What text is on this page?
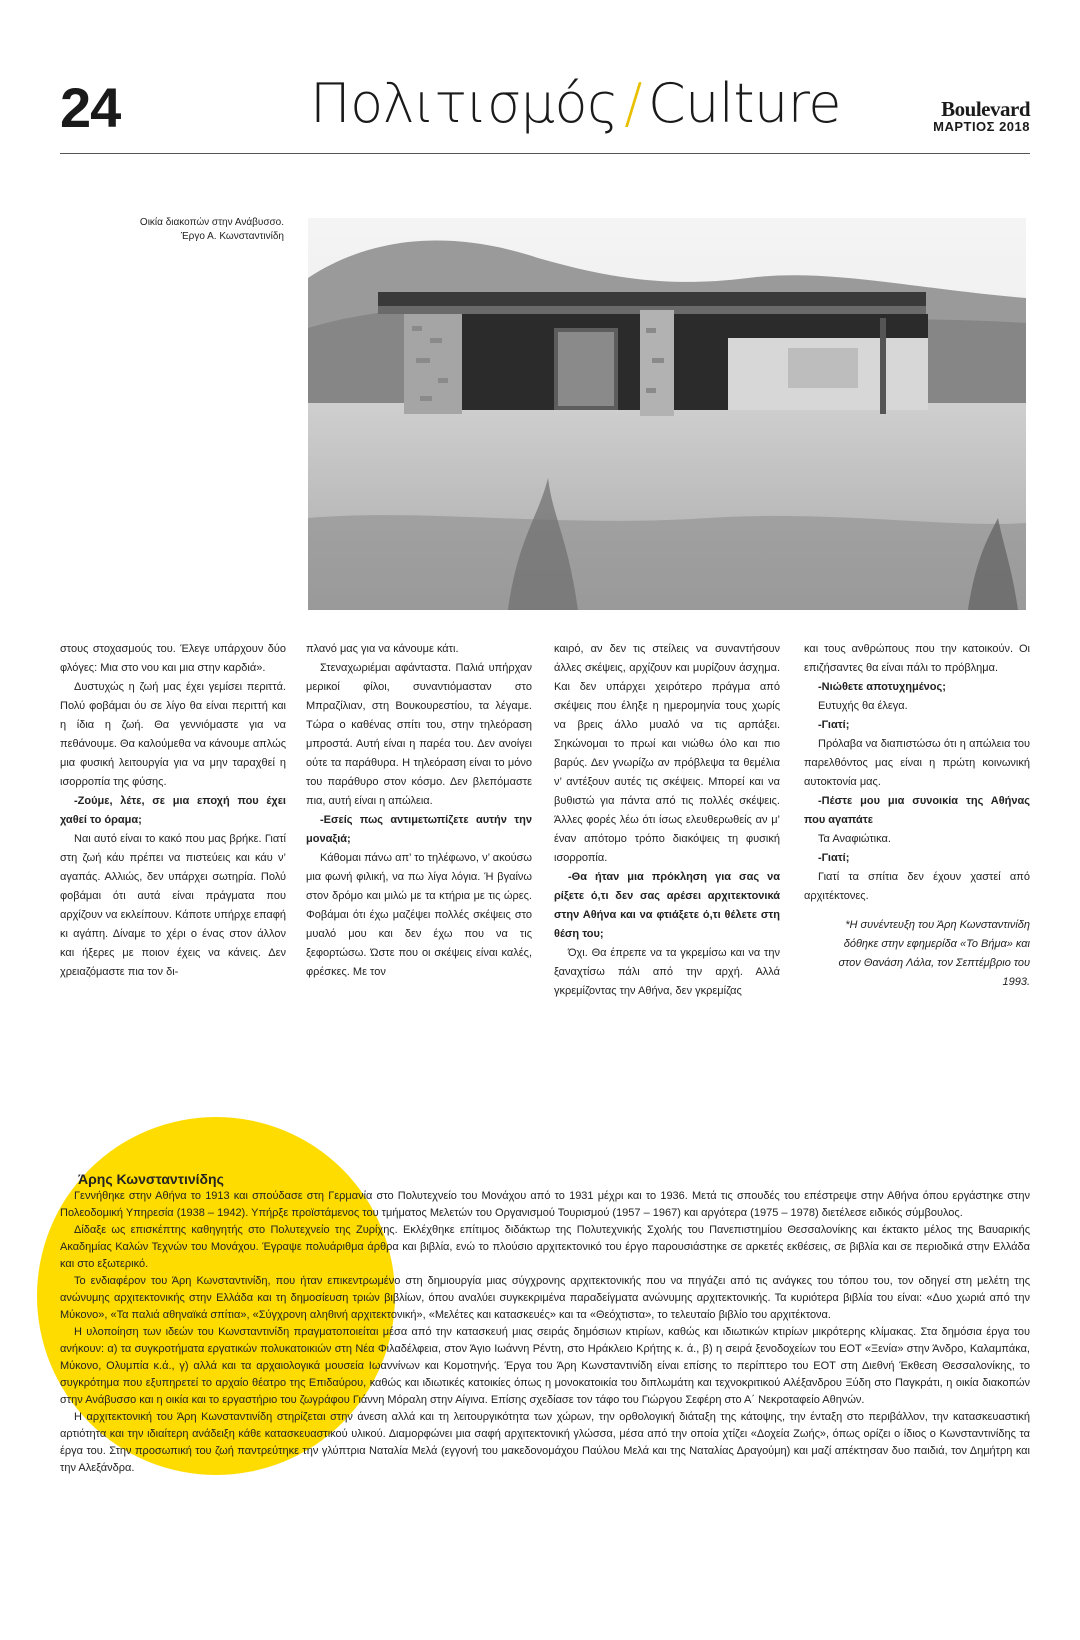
24	Πολιτισμός / Culture	Boulevard
ΜΑΡΤΙΟΣ 2018
Οικία διακοπών στην Ανάβυσσο.
Έργο Α. Κωνσταντινίδη

στους στοχασμούς του. Έλεγε υπάρχουν δύο φλόγες: Μια στο νου και μια στην καρδιά».

Δυστυχώς η ζωή μας έχει γεμίσει περιττά. Πολύ φοβάμαι όυ σε λίγο θα είναι περιττή και η ίδια η ζωή. Θα γεννιόμαστε για να πεθάνουμε. Θα καλούμεθα να κάνουμε απλώς μια φυσική λειτουργία για να μην ταραχθεί η ισορροπία της φύσης.

-Ζούμε, λέτε, σε μια εποχή που έχει χαθεί το όραμα;

Ναι αυτό είναι το κακό που μας βρήκε. Γιατί στη ζωή κάυ πρέπει να πιστεύεις και κάυ ν’ αγαπάς. Αλλιώς, δεν υπάρχει σωτηρία. Πολύ φοβάμαι ότι αυτά είναι πράγματα που αρχίζουν να εκλείπουν. Κάποτε υπήρχε επαφή κι αγάπη. Δίναμε το χέρι ο ένας στον άλλον και ήξερες με ποιον έχεις να κάνεις. Δεν χρειαζόμαστε πια τον δι-

πλανό μας για να κάνουμε κάτι.

Στεναχωριέμαι αφάνταστα. Παλιά υπήρχαν μερικοί φίλοι, συναντιόμασταν στο Μπραζίλιαν, στη Βουκουρεστίου, τα λέγαμε. Τώρα ο καθένας σπίτι του, στην τηλεόραση μπροστά. Αυτή είναι η παρέα του. Δεν ανοίγει ούτε τα παράθυρα. Η τηλεόραση είναι το μόνο του παράθυρο στον κόσμο. Δεν βλεπόμαστε πια, αυτή είναι η απώλεια.

-Εσείς πως αντιμετωπίζετε αυτήν την μοναξιά;

Κάθομαι πάνω απ’ το τηλέφωνο, ν’ ακούσω μια φωνή φιλική, να πω λίγα λόγια. Ή βγαίνω στον δρόμο και μιλώ με τα κτήρια με τις ώρες. Φοβάμαι ότι έχω μαζέψει πολλές σκέψεις στο μυαλό μου και δεν έχω που να τις ξεφορτώσω. Ώστε που οι σκέψεις είναι καλές, φρέσκες. Με τον

καιρό, αν δεν τις στείλεις να συναντήσουν άλλες σκέψεις, αρχίζουν και μυρίζουν άσχημα. Και δεν υπάρχει χειρότερο πράγμα από σκέψεις που έληξε η ημερομηνία τους χωρίς να βρεις άλλο μυαλό να τις αρπάξει. Σηκώνομαι το πρωί και νιώθω όλο και πιο βαρύς. Δεν γνωρίζω αν πρόβλεψα τα θεμέλια ν’ αντέξουν αυτές τις σκέψεις. Μπορεί και να βυθιστώ για πάντα από τις πολλές σκέψεις. Άλλες φορές λέω ότι ίσως ελευθερωθείς αν μ’ έναν απότομο τρόπο διακόψεις τη φυσική ισορροπία.

-Θα ήταν μια πρόκληση για σας να ρίξετε ό,τι δεν σας αρέσει αρχιτεκτονικά στην Αθήνα και να φτιάξετε ό,τι θέλετε στη θέση του;

Όχι. Θα έπρεπε να τα γκρεμίσω και να την ξαναχτίσω πάλι από την αρχή. Αλλά γκρεμίζοντας την Αθήνα, δεν γκρεμίζας

και τους ανθρώπους που την κατοικούν. Οι επιζήσαντες θα είναι πάλι το πρόβλημα.

-Νιώθετε αποτυχημένος;

Ευτυχής θα έλεγα.

-Γιατί;

Πρόλαβα να διαπιστώσω ότι η απώλεια του παρελθόντος μας είναι η πρώτη κοινωνική αυτοκτονία μας.

-Πέστε μου μια συνοικία της Αθήνας που αγαπάτε

Τα Αναφιώτικα.

-Γιατί;

Γιατί τα σπίτια δεν έχουν χαστεί από αρχιτέκτονες.

*Η συνέντευξη του Άρη Κωνσταντινίδη δόθηκε στην εφημερίδα «Το Βήμα» και στον Θανάση Λάλα, τον Σεπτέμβριο του 1993.

Άρης Κωνσταντινίδης

Γεννήθηκε στην Αθήνα το 1913 και σπούδασε στη Γερμανία στο Πολυτεχνείο του Μονάχου από το 1931 μέχρι και το 1936. Μετά τις σπουδές του επέστρεψε στην Αθήνα όπου εργάστηκε στην Πολεοδομική Υπηρεσία (1938 – 1942). Υπήρξε προϊστάμενος του τμήματος Μελετών του Οργανισμού Τουρισμού (1957 – 1967) και αργότερα (1975 – 1978) διετέλεσε ειδικός σύμβουλος.

Δίδαξε ως επισκέπτης καθηγητής στο Πολυτεχνείο της Ζυρίχης. Εκλέχθηκε επίτιμος διδάκτωρ της Πολυτεχνικής Σχολής του Πανεπιστημίου Θεσσαλονίκης και έκτακτο μέλος της Βαυαρικής Ακαδημίας Καλών Τεχνών του Μονάχου. Έγραψε πολυάριθμα άρθρα και βιβλία, ενώ το πλούσιο αρχιτεκτονικό του έργο παρουσιάστηκε σε αρκετές εκθέσεις, σε βιβλία και σε περιοδικά στην Ελλάδα και στο εξωτερικό.

Το ενδιαφέρον του Άρη Κωνσταντινίδη, που ήταν επικεντρωμένο στη δημιουργία μιας σύγχρονης αρχιτεκτονικής που να πηγάζει από τις ανάγκες του τόπου του, τον οδηγεί στη μελέτη της ανώνυμης αρχιτεκτονικής στην Ελλάδα και τη δημοσίευση τριών βιβλίων, όπου αναλύει συγκεκριμένα παραδείγματα ανώνυμης αρχιτεκτονικής. Τα κυριότερα βιβλία του είναι: «Δυο χωριά από την Μύκονο», «Τα παλιά αθηναϊκά σπίτια», «Σύγχρονη αληθινή αρχιτεκτονική», «Μελέτες και κατασκευές» και τα «Θεόχτιστα», το τελευταίο βιβλίο του αρχιτέκτονα.

Η υλοποίηση των ιδεών του Κωνσταντινίδη πραγματοποιείται μέσα από την κατασκευή μιας σειράς δημόσιων κτιρίων, καθώς και ιδιωτικών κτιρίων μικρότερης κλίμακας. Στα δημόσια έργα του ανήκουν: α) τα συγκροτήματα εργατικών πολυκατοικιών στη Νέα Φιλαδέλφεια, στον Άγιο Ιωάννη Ρέντη, στο Ηράκλειο Κρήτης κ. ά., β) η σειρά ξενοδοχείων του ΕΟΤ «Ξενία» στην Άνδρο, Καλαμπάκα, Μύκονο, Ολυμπία κ.ά., γ) αλλά και τα αρχαιολογικά μουσεία Ιωαννίνων και Κομοτηνής. Έργα του Άρη Κωνσταντινίδη είναι επίσης το περίπτερο του ΕΟΤ στη Διεθνή Έκθεση Θεσσαλονίκης, το συγκρότημα που εξυπηρετεί το αρχαίο θέατρο της Επιδαύρου, καθώς και ιδιωτικές κατοικίες όπως η μονοκατοικία του διπλωμάτη και τεχνοκριτικού Αλέξανδρου Ξύδη στο Παγκράτι, η οικία διακοπών στην Ανάβυσσο και η οικία και το εργαστήριο του ζωγράφου Γιάννη Μόραλη στην Αίγινα. Επίσης σχεδίασε τον τάφο του Γιώργου Σεφέρη στο Α΄ Νεκροταφείο Αθηνών.

Η αρχιτεκτονική του Άρη Κωνσταντινίδη στηρίζεται στην άνεση αλλά και τη λειτουργικότητα των χώρων, την ορθολογική διάταξη της κάτοψης, την ένταξη στο περιβάλλον, την κατασκευαστική αρτιότητα και την ιδιαίτερη ανάδειξη κάθε κατασκευαστικού υλικού. Διαμορφώνει μια σαφή αρχιτεκτονική γλώσσα, μέσα από την οποία χτίζει «Δοχεία Ζωής», όπως ορίζει ο ίδιος ο Κωνσταντινίδης τα έργα του. Στην προσωπική του ζωή παντρεύτηκε την γλύπτρια Ναταλία Μελά (εγγονή του μακεδονομάχου Παύλου Μελά και της Ναταλίας Δραγούμη) και μαζί απέκτησαν δυο παιδιά, τον Δημήτρη και την Αλεξάνδρα.
